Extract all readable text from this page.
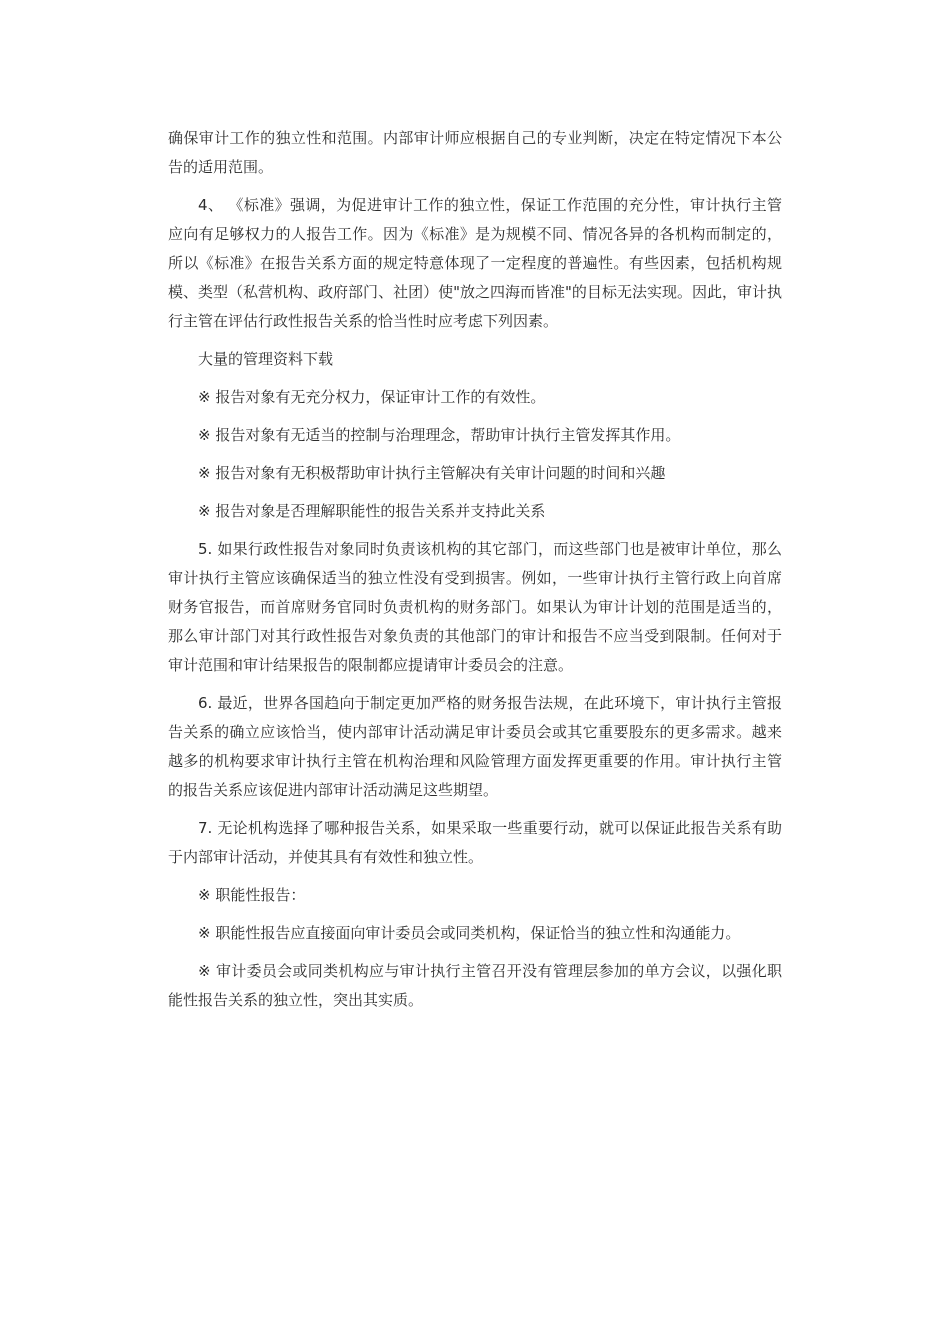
确保审计工作的独立性和范围。内部审计师应根据自己的专业判断，决定在特定情况下本公告的适用范围。

4、 《标准》强调，为促进审计工作的独立性，保证工作范围的充分性，审计执行主管应向有足够权力的人报告工作。因为《标准》是为规模不同、情况各异的各机构而制定的，所以《标准》在报告关系方面的规定特意体现了一定程度的普遍性。有些因素，包括机构规模、类型（私营机构、政府部门、社团）使"放之四海而皆准"的目标无法实现。因此，审计执行主管在评估行政性报告关系的恰当性时应考虑下列因素。

大量的管理资料下载

※ 报告对象有无充分权力，保证审计工作的有效性。

※ 报告对象有无适当的控制与治理理念，帮助审计执行主管发挥其作用。

※ 报告对象有无积极帮助审计执行主管解决有关审计问题的时间和兴趣

※ 报告对象是否理解职能性的报告关系并支持此关系

5. 如果行政性报告对象同时负责该机构的其它部门，而这些部门也是被审计单位，那么审计执行主管应该确保适当的独立性没有受到损害。例如，一些审计执行主管行政上向首席财务官报告，而首席财务官同时负责机构的财务部门。如果认为审计计划的范围是适当的，那么审计部门对其行政性报告对象负责的其他部门的审计和报告不应当受到限制。任何对于审计范围和审计结果报告的限制都应提请审计委员会的注意。

6. 最近，世界各国趋向于制定更加严格的财务报告法规，在此环境下，审计执行主管报告关系的确立应该恰当，使内部审计活动满足审计委员会或其它重要股东的更多需求。越来越多的机构要求审计执行主管在机构治理和风险管理方面发挥更重要的作用。审计执行主管的报告关系应该促进内部审计活动满足这些期望。

7. 无论机构选择了哪种报告关系，如果采取一些重要行动，就可以保证此报告关系有助于内部审计活动，并使其具有有效性和独立性。

※ 职能性报告：

※ 职能性报告应直接面向审计委员会或同类机构，保证恰当的独立性和沟通能力。

※ 审计委员会或同类机构应与审计执行主管召开没有管理层参加的单方会议，以强化职能性报告关系的独立性，突出其实质。
